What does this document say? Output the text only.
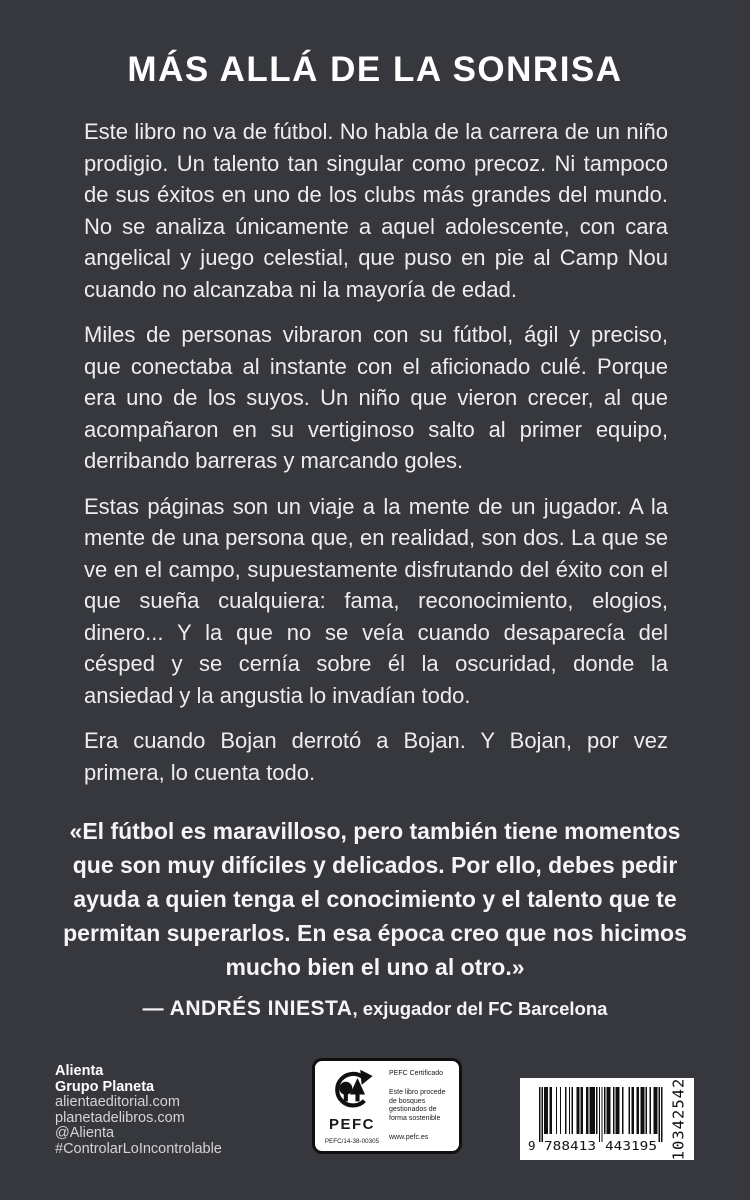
MÁS ALLÁ DE LA SONRISA

Este libro no va de fútbol. No habla de la carrera de un niño prodigio. Un talento tan singular como precoz. Ni tampoco de sus éxitos en uno de los clubs más grandes del mundo. No se analiza únicamente a aquel adolescente, con cara angelical y juego celestial, que puso en pie al Camp Nou cuando no alcanzaba ni la mayoría de edad.

Miles de personas vibraron con su fútbol, ágil y preciso, que conectaba al instante con el aficionado culé. Porque era uno de los suyos. Un niño que vieron crecer, al que acompañaron en su vertiginoso salto al primer equipo, derribando barreras y marcando goles.

Estas páginas son un viaje a la mente de un jugador. A la mente de una persona que, en realidad, son dos. La que se ve en el campo, supuestamente disfrutando del éxito con el que sueña cualquiera: fama, reconocimiento, elogios, dinero... Y la que no se veía cuando desaparecía del césped y se cernía sobre él la oscuridad, donde la ansiedad y la angustia lo invadían todo.

Era cuando Bojan derrotó a Bojan. Y Bojan, por vez primera, lo cuenta todo.

«El fútbol es maravilloso, pero también tiene momentos que son muy difíciles y delicados. Por ello, debes pedir ayuda a quien tenga el conocimiento y el talento que te permitan superarlos. En esa época creo que nos hicimos mucho bien el uno al otro.»

— ANDRÉS INIESTA, exjugador del FC Barcelona

Alienta
Grupo Planeta
alientaeditorial.com
planetadelibros.com
@Alienta
#ControlarLoIncontrolable
PEFC
PEFC/14-38-00305
PEFC Certificado
Este libro procede de bosques gestionados de forma sostenible
www.pefc.es
9 788413 443195 10342542
